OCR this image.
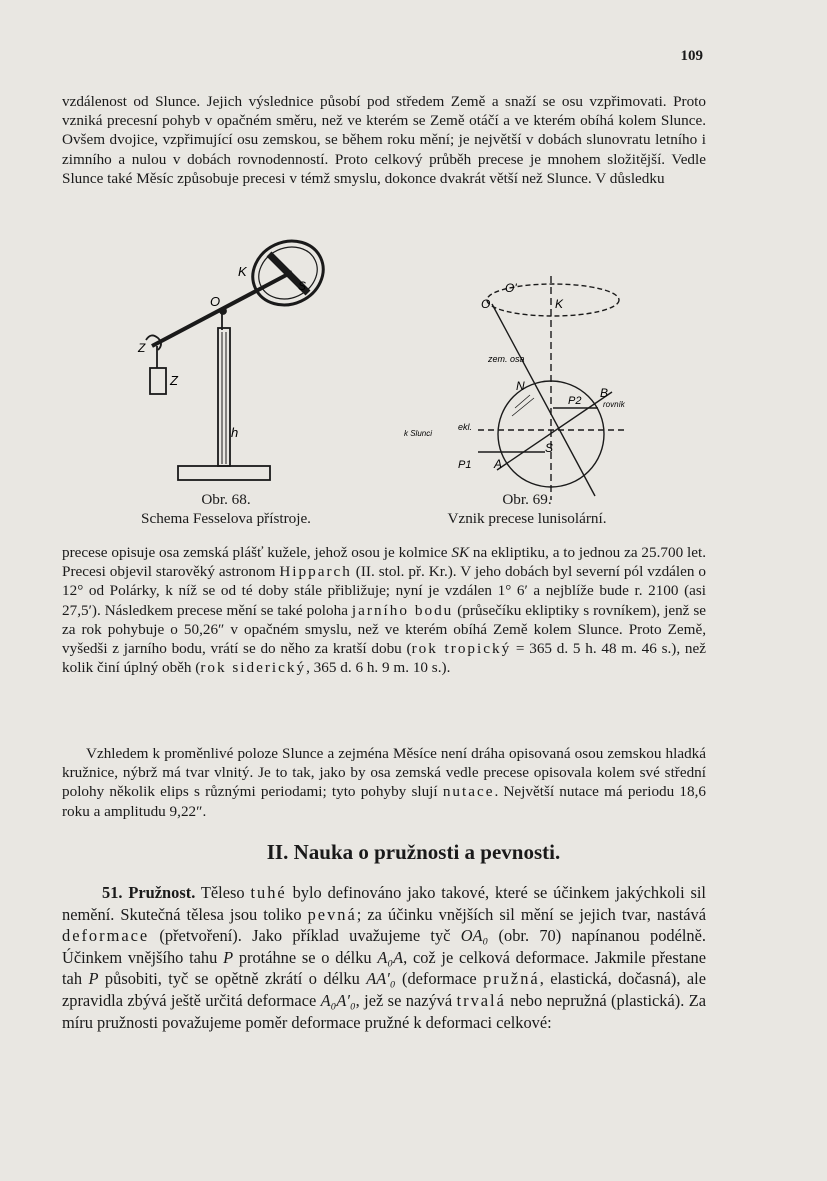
109

vzdálenost od Slunce. Jejich výslednice působí pod středem Země a snaží se osu vzpřimovati. Proto vzniká precesní pohyb v opačném směru, než ve kterém se Země otáčí a ve kterém obíhá kolem Slunce. Ovšem dvojice, vzpřimující osu zemskou, se během roku mění; je největší v dobách slunovratu letního i zimního a nulou v dobách rovnodenností. Proto celkový průběh precese je mnohem složitější. Vedle Slunce také Měsíc způsobuje precesi v témž smyslu, dokonce dvakrát větší než Slunce. V důsledku

K
S
O
Z
h
Z
O'
O	K
zem. osa
N	B
rovník
P2
ekl.
k Slunci
S
P1 A
Obr. 68.
Schema Fesselova přístroje.
Obr. 69.
Vznik precese lunisolární.

precese opisuje osa zemská plášť kužele, jehož osou je kolmice SK na ekliptiku, a to jednou za 25.700 let. Precesi objevil starověký astronom Hipparch (II. stol. př. Kr.). V jeho dobách byl severní pól vzdálen o 12° od Polárky, k níž se od té doby stále přibližuje; nyní je vzdálen 1° 6′ a nejblíže bude r. 2100 (asi 27,5′). Následkem precese mění se také poloha jarního bodu (průsečíku ekliptiky s rovníkem), jenž se za rok pohybuje o 50,26″ v opačném smyslu, než ve kterém obíhá Země kolem Slunce. Proto Země, vyšedši z jarního bodu, vrátí se do něho za kratší dobu (rok tropický = 365 d. 5 h. 48 m. 46 s.), než kolik činí úplný oběh (rok siderický, 365 d. 6 h. 9 m. 10 s.).

Vzhledem k proměnlivé poloze Slunce a zejména Měsíce není dráha opisovaná osou zemskou hladká kružnice, nýbrž má tvar vlnitý. Je to tak, jako by osa zemská vedle precese opisovala kolem své střední polohy několik elips s různými periodami; tyto pohyby slují nutace. Největší nutace má periodu 18,6 roku a amplitudu 9,22″.

II. Nauka o pružnosti a pevnosti.

51. Pružnost. Těleso tuhé bylo definováno jako takové, které se účinkem jakýchkoli sil nemění. Skutečná tělesa jsou toliko pevná; za účinku vnějších sil mění se jejich tvar, nastává deformace (přetvoření). Jako příklad uvažujeme tyč OA₀ (obr. 70) napínanou podélně. Účinkem vnějšího tahu P protáhne se o délku A₀A, což je celková deformace. Jakmile přestane tah P působiti, tyč se opětně zkrátí o délku AA′₀ (deformace pružná, elastická, dočasná), ale zpravidla zbývá ještě určitá deformace A₀A′₀, jež se nazývá trvalá nebo nepružná (plastická). Za míru pružnosti považujeme poměr deformace pružné k deformaci celkové:
